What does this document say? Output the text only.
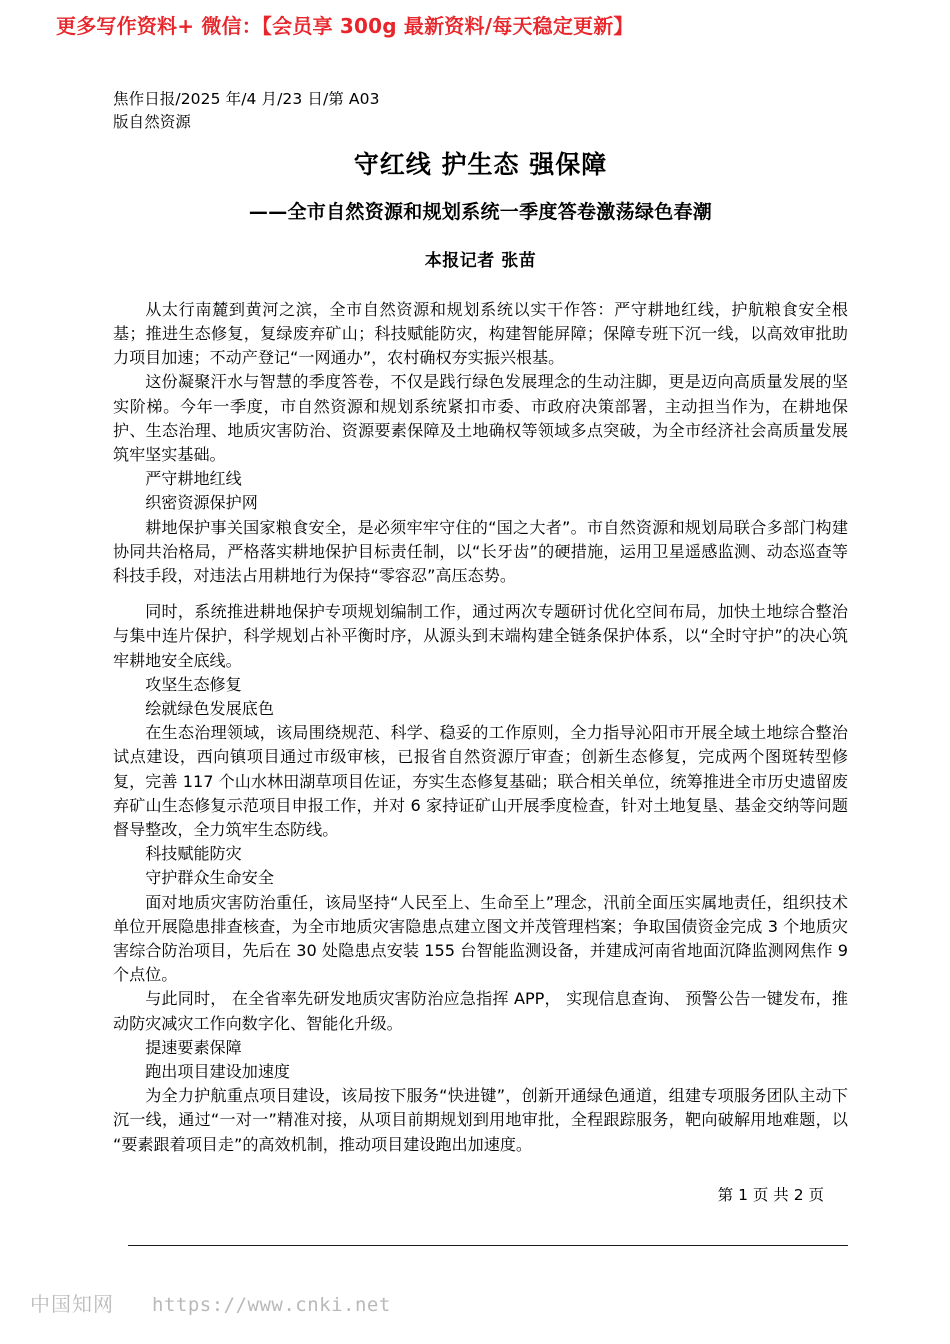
更多写作资料+ 微信：【会员享 300g 最新资料/每天稳定更新】
焦作日报/2025 年/4 月/23 日/第 A03
版自然资源
守红线 护生态 强保障
——全市自然资源和规划系统一季度答卷激荡绿色春潮
本报记者 张苗

从太行南麓到黄河之滨，全市自然资源和规划系统以实干作答：严守耕地红线，护航粮食安全根基；推进生态修复，复绿废弃矿山；科技赋能防灾，构建智能屏障；保障专班下沉一线，以高效审批助力项目加速；不动产登记“一网通办”，农村确权夯实振兴根基。

这份凝聚汗水与智慧的季度答卷，不仅是践行绿色发展理念的生动注脚，更是迈向高质量发展的坚实阶梯。今年一季度，市自然资源和规划系统紧扣市委、市政府决策部署，主动担当作为，在耕地保护、生态治理、地质灾害防治、资源要素保障及土地确权等领域多点突破，为全市经济社会高质量发展筑牢坚实基础。

严守耕地红线

织密资源保护网

耕地保护事关国家粮食安全，是必须牢牢守住的“国之大者”。市自然资源和规划局联合多部门构建协同共治格局，严格落实耕地保护目标责任制，以“长牙齿”的硬措施，运用卫星遥感监测、动态巡查等科技手段，对违法占用耕地行为保持“零容忍”高压态势。

同时，系统推进耕地保护专项规划编制工作，通过两次专题研讨优化空间布局，加快土地综合整治与集中连片保护，科学规划占补平衡时序，从源头到末端构建全链条保护体系，以“全时守护”的决心筑牢耕地安全底线。

攻坚生态修复

绘就绿色发展底色

在生态治理领域，该局围绕规范、科学、稳妥的工作原则，全力指导沁阳市开展全域土地综合整治试点建设，西向镇项目通过市级审核，已报省自然资源厅审查；创新生态修复，完成两个图斑转型修复，完善 117 个山水林田湖草项目佐证，夯实生态修复基础；联合相关单位，统筹推进全市历史遗留废弃矿山生态修复示范项目申报工作，并对 6 家持证矿山开展季度检查，针对土地复垦、基金交纳等问题督导整改，全力筑牢生态防线。

科技赋能防灾

守护群众生命安全

面对地质灾害防治重任，该局坚持“人民至上、生命至上”理念，汛前全面压实属地责任，组织技术单位开展隐患排查核查，为全市地质灾害隐患点建立图文并茂管理档案；争取国债资金完成 3 个地质灾害综合防治项目，先后在 30 处隐患点安装 155 台智能监测设备，并建成河南省地面沉降监测网焦作 9 个点位。

与此同时， 在全省率先研发地质灾害防治应急指挥 APP， 实现信息查询、 预警公告一键发布，推动防灾减灾工作向数字化、智能化升级。

提速要素保障

跑出项目建设加速度

为全力护航重点项目建设，该局按下服务“快进键”，创新开通绿色通道，组建专项服务团队主动下沉一线，通过“一对一”精准对接，从项目前期规划到用地审批，全程跟踪服务，靶向破解用地难题，以“要素跟着项目走”的高效机制，推动项目建设跑出加速度。

第 1 页 共 2 页
中国知网 https://www.cnki.net
